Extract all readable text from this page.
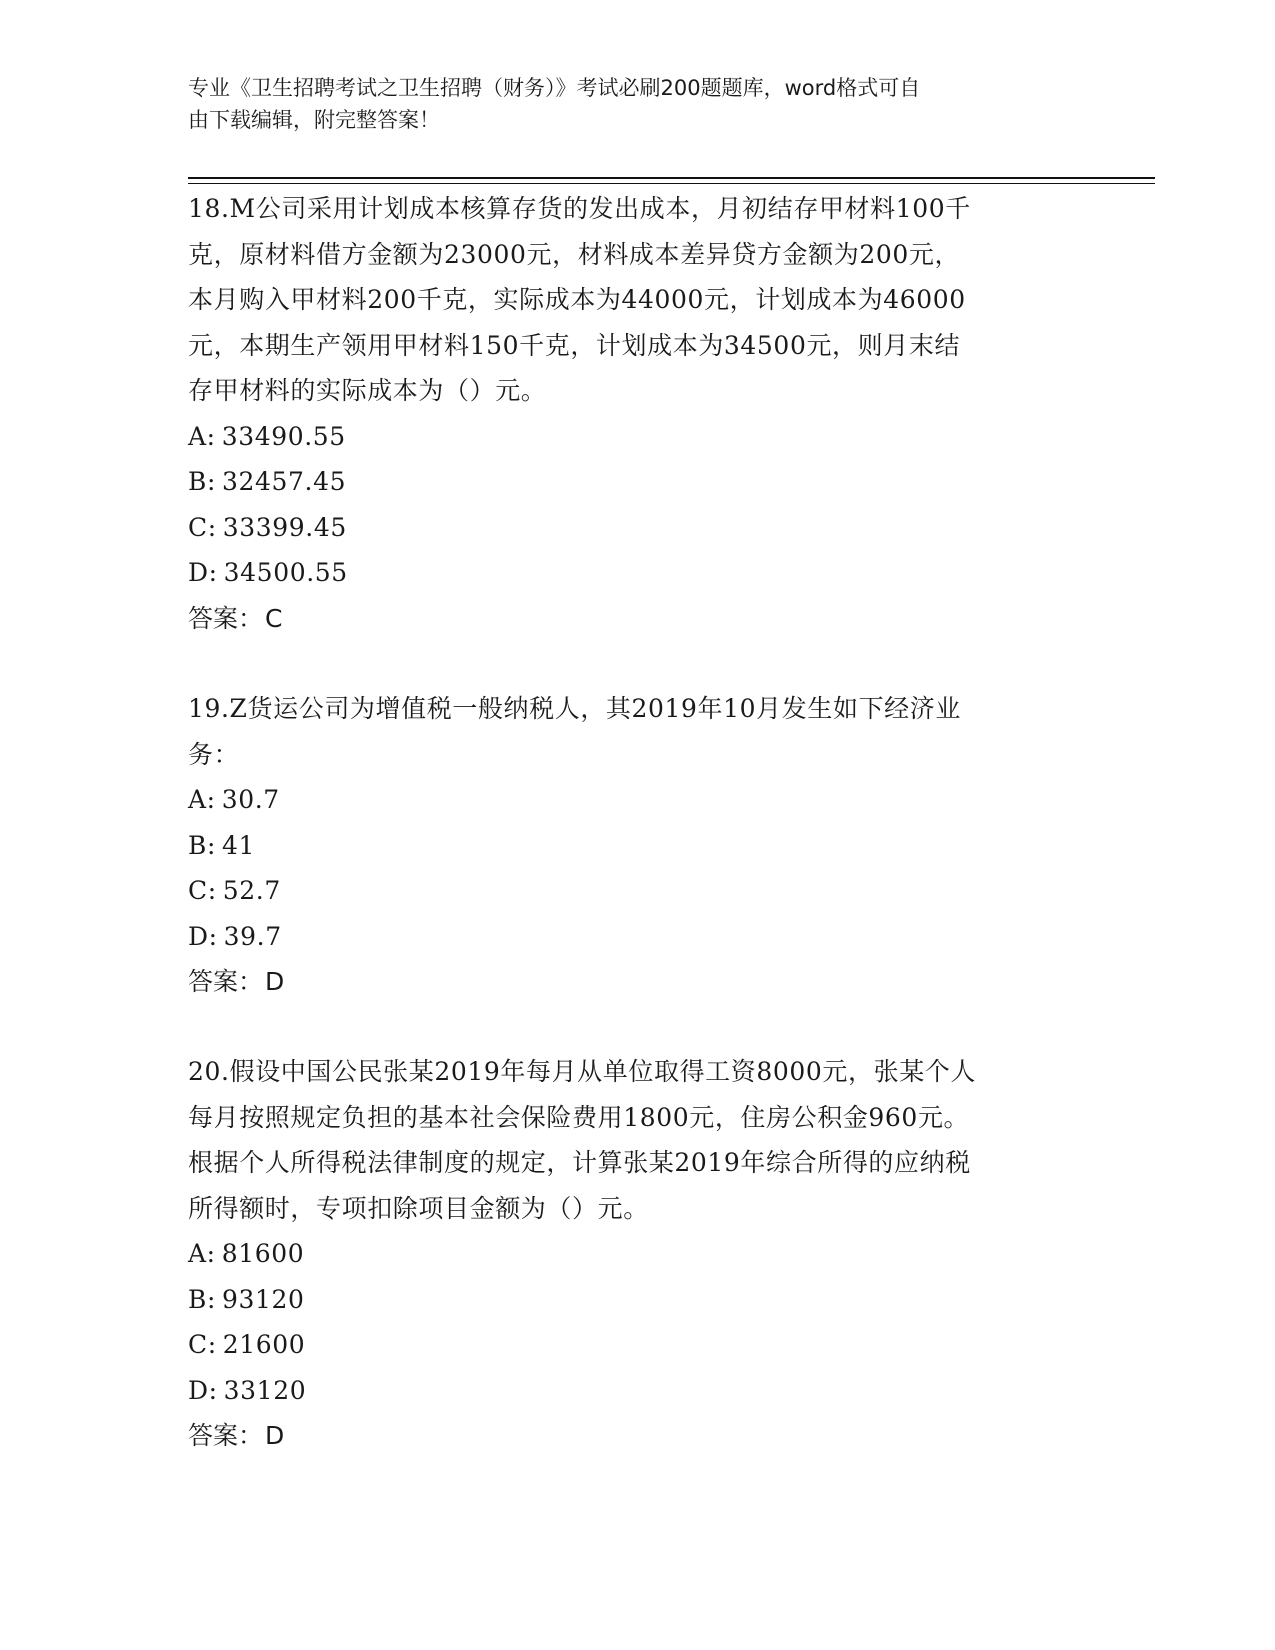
专业《卫生招聘考试之卫生招聘（财务）》考试必刷200题题库，word格式可自
由下载编辑，附完整答案！

18.M公司采用计划成本核算存货的发出成本，月初结存甲材料100千
克，原材料借方金额为23000元，材料成本差异贷方金额为200元，
本月购入甲材料200千克，实际成本为44000元，计划成本为46000
元，本期生产领用甲材料150千克，计划成本为34500元，则月末结
存甲材料的实际成本为（）元。

A: 33490.55
B: 32457.45
C: 33399.45
D: 34500.55
答案：C

19.Z货运公司为增值税一般纳税人，其2019年10月发生如下经济业
务：

A: 30.7
B: 41
C: 52.7
D: 39.7
答案：D

20.假设中国公民张某2019年每月从单位取得工资8000元，张某个人
每月按照规定负担的基本社会保险费用1800元，住房公积金960元。
根据个人所得税法律制度的规定，计算张某2019年综合所得的应纳税
所得额时，专项扣除项目金额为（）元。

A: 81600
B: 93120
C: 21600
D: 33120
答案：D
